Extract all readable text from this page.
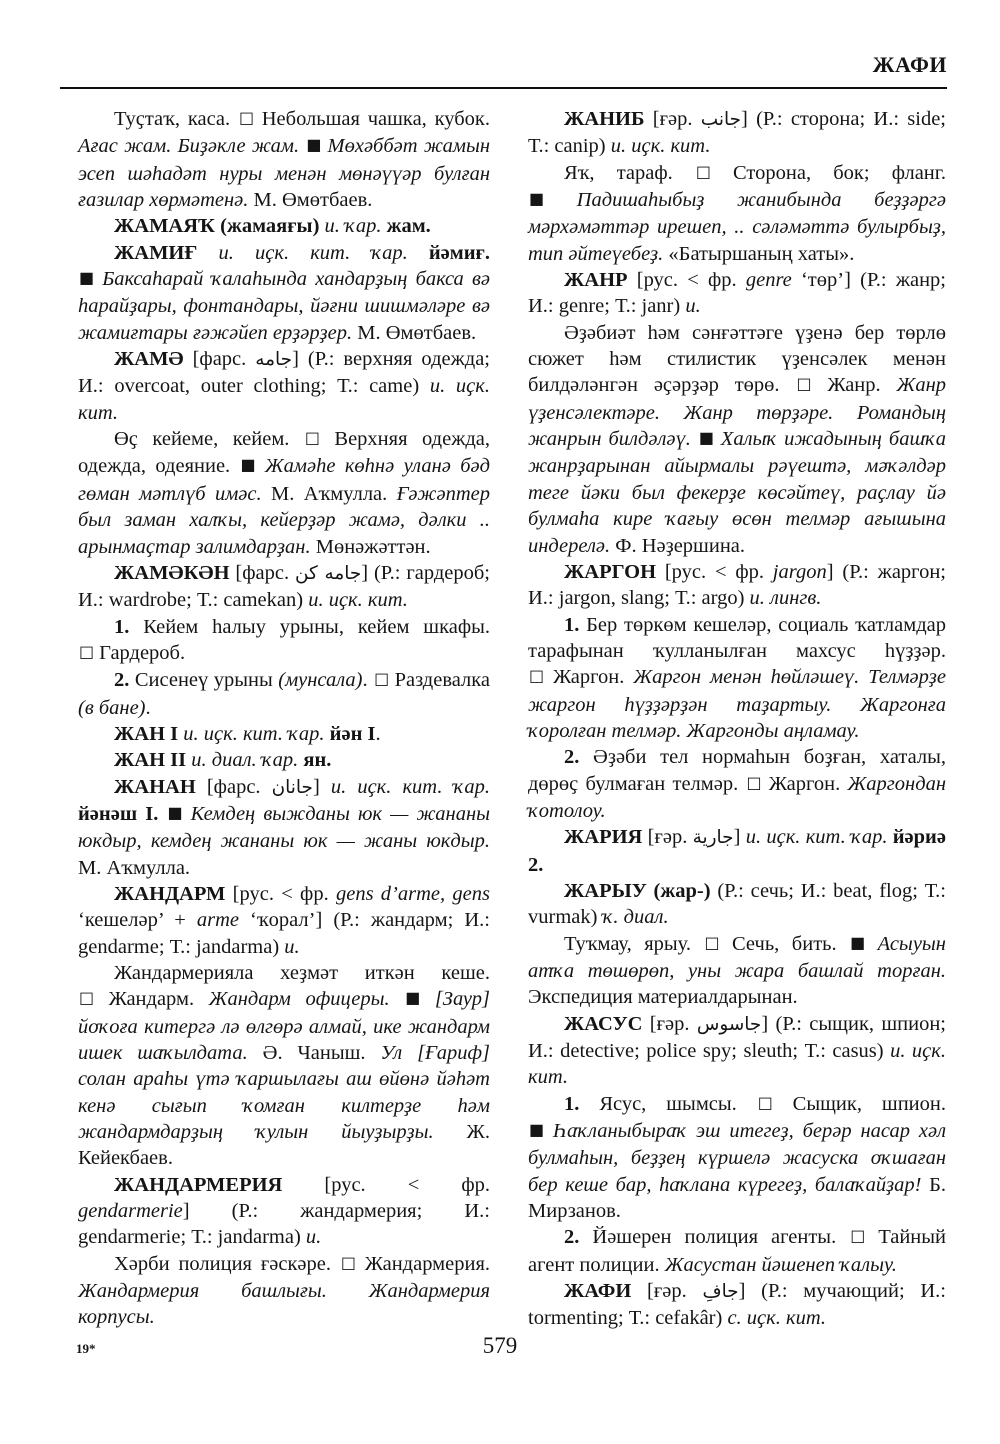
ЖАФИ

Туҫтаҡ, каса. □ Небольшая чашка, кубок. Ағас жам. Биҙәкле жам. ■ Мөхәббәт жамын эсеп шәһадәт нуры менән мөнәүүәр булған ғазилар хөрмәтенә. М. Өмөтбаев.

ЖАМАЯҠ (жамаяғы) и. ҡар. жам.

ЖАМИҒ и. иҫк. кит. ҡар. йәмиғ. ■ Баксаһарай ҡалаһында хандарҙың бакса вә һарайҙары, фонтандары, йәғни шишмәләре вә жамиғтары ғәжәйеп ерҙәрҙер. М. Өмөтбаев.

ЖАМӘ [фарс. جامه] (Р.: верхняя одежда; И.: overcoat, outer clothing; Т.: came) и. иҫк. кит.

Өҫ кейеме, кейем. □ Верхняя одежда, одежда, одеяние. ■ Жамәһе көһнә уланә бәд гөман мәтлүб имәс. М. Аҡмулла. Ғәжәптер был заман халҡы, кейерҙәр жамә, дәлки .. арынмаҫтар залимдарҙан. Мөнәжәттән.

ЖАМӘКӘН [фарс. جامه كن] (Р.: гардероб; И.: wardrobe; Т.: camekan) и. иҫк. кит.

1. Кейем һалыу урыны, кейем шкафы. □ Гардероб.

2. Сисенеү урыны (мунсала). □ Раздевалка (в бане).

ЖАН I и. иҫк. кит. ҡар. йән I.

ЖАН II и. диал. ҡар. ян.

ЖАНАН [фарс. جانان] и. иҫк. кит. ҡар. йәнәш I. ■ Кемдең выжданы юк — жананы юкдыр, кемдең жананы юк — жаны юкдыр. М. Аҡмулла.

ЖАНДАРМ [рус. < фр. gens d’arme, gens ‘кешеләр’ + arme ‘ҡорал’] (Р.: жандарм; И.: gendarme; Т.: jandarma) и.

Жандармерияла хеҙмәт иткән кеше. □ Жандарм. Жандарм офицеры. ■ [Заур] йоҡоға китергә лә өлгөрә алмай, ике жандарм ишек шаҡылдата. Ә. Чаныш. Ул [Ғариф] солан араһы үтә ҡаршылағы аш өйөнә йәһәт кенә сығып ҡомған килтерҙе һәм жандармдарҙың ҡулын йыуҙырҙы. Ж. Кейекбаев.

ЖАНДАРМЕРИЯ [рус. < фр. gendarmerie] (Р.: жандармерия; И.: gendarmerie; Т.: jandarma) и.

Хәрби полиция ғәскәре. □ Жандармерия. Жандармерия башлығы. Жандармерия корпусы.

ЖАНИБ [ғәр. جانب] (Р.: сторона; И.: side; Т.: canip) и. иҫк. кит.

Яҡ, тараф. □ Сторона, бок; фланг. ■ Падишаһыбыҙ жанибында беҙҙәргә мәрхәмәттәр ирешеп, .. сәләмәттә булырбыҙ, тип әйтеүебеҙ. «Батыршаның хаты».

ЖАНР [рус. < фр. genre ‘төр’] (Р.: жанр; И.: genre; Т.: janr) и.

Әҙәбиәт һәм сәнғәттәге үҙенә бер төрлө сюжет һәм стилистик үҙенсәлек менән билдәләнгән әҫәрҙәр төрө. □ Жанр. Жанр үҙенсәлектәре. Жанр төрҙәре. Романдың жанрын билдәләү. ■ Халыҡ ижадының башҡа жанрҙарынан айырмалы рәүештә, мәҡәлдәр теге йәки был фекерҙе көсәйтеү, раҫлау йә булмаһа кире ҡағыу өсөн телмәр ағышына индерелә. Ф. Нәҙершина.

ЖАРГОН [рус. < фр. jargon] (Р.: жаргон; И.: jargon, slang; Т.: argo) и. лингв.

1. Бер төркөм кешеләр, социаль ҡатламдар тарафынан ҡулланылған махсус һүҙҙәр. □ Жаргон. Жаргон менән һөйләшеү. Телмәрҙе жаргон һүҙҙәрҙән таҙартыу. Жаргонға ҡоролған телмәр. Жаргонды аңламау.

2. Әҙәби тел нормаһын боҙған, хаталы, дөрөҫ булмаған телмәр. □ Жаргон. Жаргондан ҡотолоу.

ЖАРИЯ [ғәр. جارية] и. иҫк. кит. ҡар. йәриә 2.

ЖАРЫУ (жар-) (Р.: сечь; И.: beat, flog; Т.: vurmak) ҡ. диал.

Туҡмау, ярыу. □ Сечь, бить. ■ Асыуын атҡа төшөрөп, уны жара башлай торған. Экспедиция материалдарынан.

ЖАСУС [ғәр. جاسوس] (Р.: сыщик, шпион; И.: detective; police spy; sleuth; Т.: casus) и. иҫк. кит.

1. Ясус, шымсы. □ Сыщик, шпион. ■ Һаҡланыбыраҡ эш итегеҙ, берәр насар хәл булмаһын, беҙҙең күршелә жасуска оҡшаған бер кеше бар, һаҡлана күрегеҙ, балаҡайҙар! Б. Мирзанов.

2. Йәшерен полиция агенты. □ Тайный агент полиции. Жасустан йәшенеп ҡалыу.

ЖАФИ [ғәр. جافِ] (Р.: мучающий; И.: tormenting; Т.: cefakâr) с. иҫк. кит.

19*	579
